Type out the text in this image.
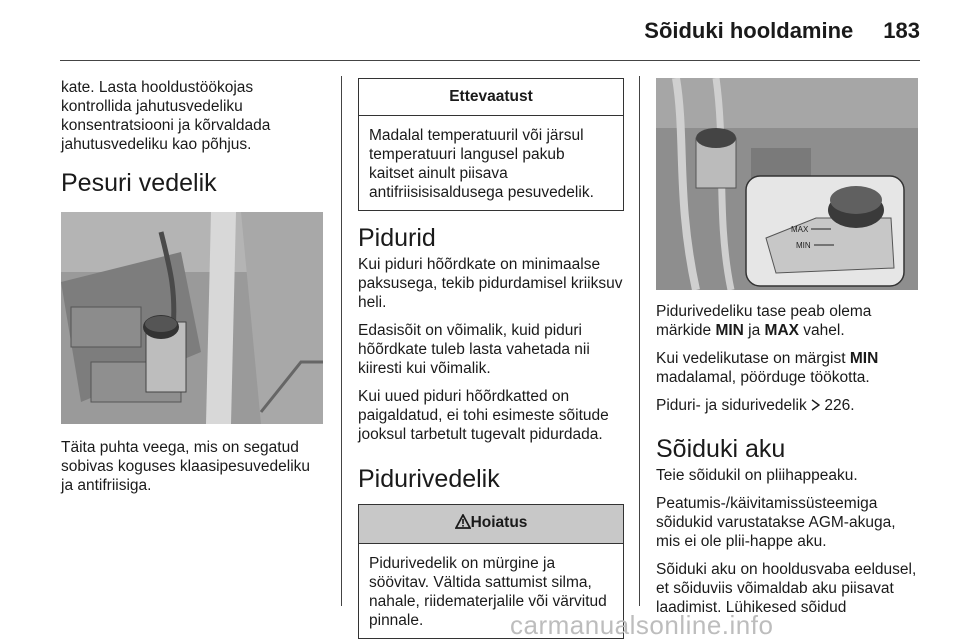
Sõiduki hooldamine 183

kate. Lasta hooldustöökojas kontrollida jahutusvedeliku konsentratsiooni ja kõrvaldada jahutusvedeliku kao põhjus.

Pesuri vedelik

Täita puhta veega, mis on segatud sobivas koguses klaasipesuvedeliku ja antifriisiga.

Ettevaatust
Madalal temperatuuril või järsul temperatuuri langusel pakub kaitset ainult piisava antifriisisisaldusega pesuvedelik.
Pidurid

Kui piduri hõõrdkate on minimaalse paksusega, tekib pidurdamisel kriiksuv heli.

Edasisõit on võimalik, kuid piduri hõõrdkate tuleb lasta vahetada nii kiiresti kui võimalik.

Kui uued piduri hõõrdkatted on paigaldatud, ei tohi esimeste sõitude jooksul tarbetult tugevalt pidurdada.

Pidurivedelik
Hoiatus
Pidurivedelik on mürgine ja söövitav. Vältida sattumist silma, nahale, riidematerjalile või värvitud pinnale.
MAX
MIN

Pidurivedeliku tase peab olema märkide MIN ja MAX vahel.

Kui vedelikutase on märgist MIN madalamal, pöörduge töökotta.

Piduri- ja sidurivedelik  226.

Sõiduki aku

Teie sõidukil on pliihappeaku.

Peatumis-/käivitamissüsteemiga sõidukid varustatakse AGM-akuga, mis ei ole plii-happe aku.

Sõiduki aku on hooldusvaba eeldusel, et sõiduviis võimaldab aku piisavat laadimist. Lühikesed sõidud

carmanualsonline.info
